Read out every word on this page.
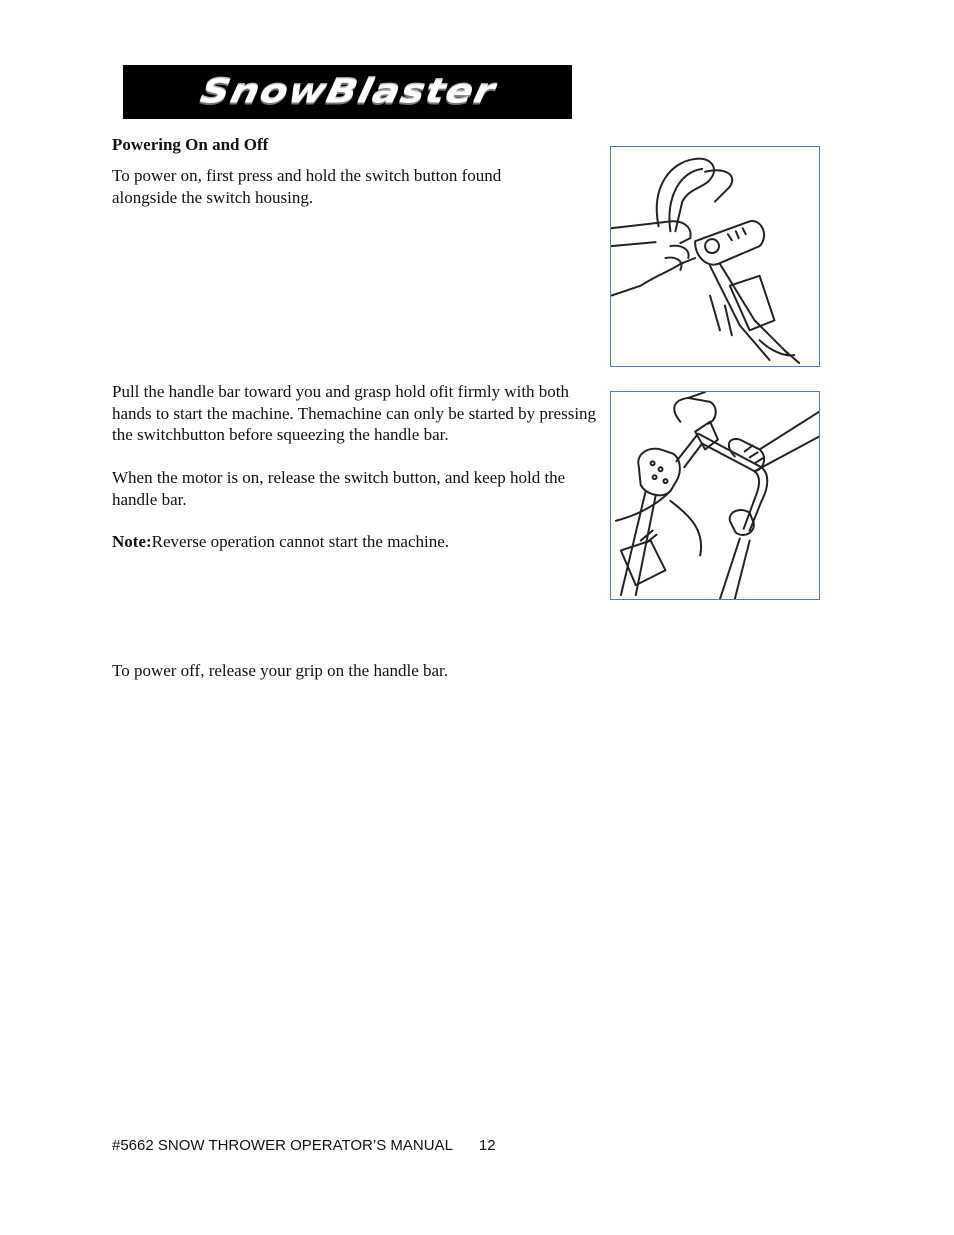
SnowBlaster
Powering On and Off

To power on, first press and hold the switch button found alongside the switch housing.

Pull the handle bar toward you and grasp hold ofit firmly with both hands to start the machine. Themachine can only be started by pressing the switchbutton before squeezing the handle bar.

When the motor is on, release the switch button, and keep hold the handle bar.

Note:Reverse operation cannot start the machine.

To power off, release your grip on the handle bar.

#5662 SNOW THROWER OPERATOR’S MANUAL 12
